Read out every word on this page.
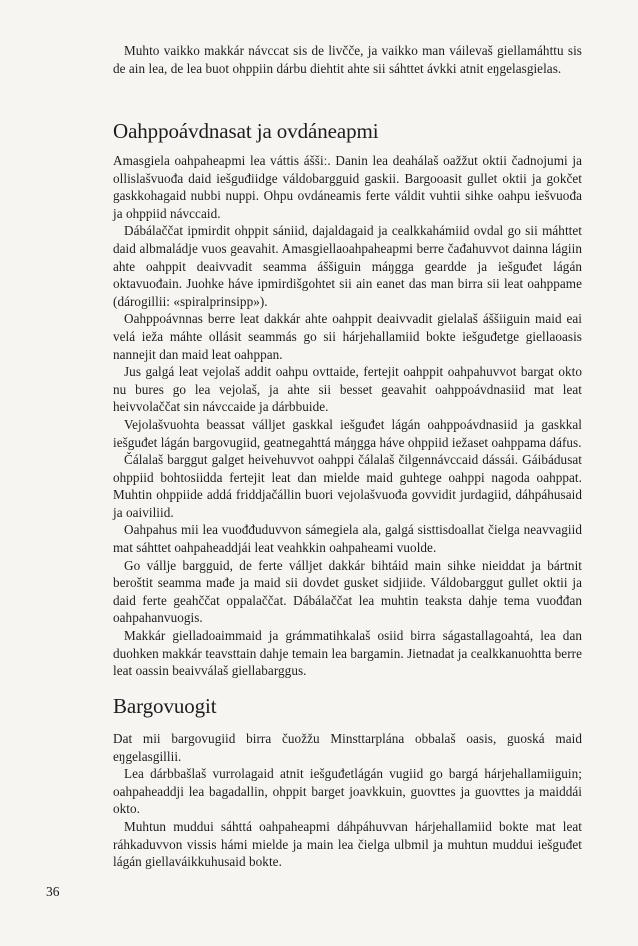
Muhto vaikko makkár návccat sis de livčče, ja vaikko man váilevaš giellamáhttu sis de ain lea, de lea buot ohppiin dárbu diehtit ahte sii sáhttet ávkki atnit eŋgelasgielas.

Oahppoávdnasat ja ovdáneapmi

Amasgiela oahpaheapmi lea váttis áššiː. Danin lea deahálaš oažžut oktii čadnojumi ja ollislašvuođa daid iešguđiidge váldobargguid gaskii. Bargooasit gullet oktii ja gokčet gaskkohagaid nubbi nuppi. Ohpu ovdáneamis ferte váldit vuhtii sihke oahpu iešvuođa ja ohppiid návccaid.

Dábálaččat ipmirdit ohppit sániid, dajaldagaid ja cealkkahámiid ovdal go sii máhttet daid albmaládje vuos geavahit. Amasgiellaoahpaheapmi berre čađahuvvot dainna lágiin ahte oahppit deaivvadit seamma áššiguin máŋgga geardde ja iešguđet lágán oktavuođain. Juohke háve ipmirdišgohtet sii ain eanet das man birra sii leat oahppame (dárogillii: «spiralprinsipp»).

Oahppoávnnas berre leat dakkár ahte oahppit deaivvadit gielalaš áššiiguin maid eai velá ieža máhte ollásit seammás go sii hárjehallamiid bokte iešguđetge giellaoasis nannejit dan maid leat oahppan.

Jus galgá leat vejolaš addit oahpu ovttaide, fertejit oahppit oahpahuvvot bargat okto nu bures go lea vejolaš, ja ahte sii besset geavahit oahppoávdnasiid mat leat heivvolaččat sin návccaide ja dárbbuide.

Vejolašvuohta beassat válljet gaskkal iešguđet lágán oahppoávdnasiid ja gaskkal iešguđet lágán bargovugiid, geatnegahttá máŋgga háve ohppiid iežaset oahppama dáfus.

Čálalaš barggut galget heivehuvvot oahppi čálalaš čilgennávccaid dássái. Gáibádusat ohppiid bohtosiidda fertejit leat dan mielde maid guhtege oahppi nagoda oahppat. Muhtin ohppiide addá friddjačállin buori vejolašvuođa govvidit jurdagiid, dáhpáhusaid ja oaiviliid.

Oahpahus mii lea vuođđuduvvon sámegiela ala, galgá sisttisdoallat čielga neavvagiid mat sáhttet oahpaheaddjái leat veahkkin oahpaheami vuolde.

Go vállje bargguid, de ferte válljet dakkár bihtáid main sihke nieiddat ja bártnit beroštit seamma mađe ja maid sii dovdet gusket sidjiide. Váldobarggut gullet oktii ja daid ferte geahččat oppalaččat. Dábálaččat lea muhtin teaksta dahje tema vuođđan oahpahanvuogis.

Makkár gielladoaimmaid ja grámmatihkalaš osiid birra ságastallagoahtá, lea dan duohken makkár teavsttain dahje temain lea bargamin. Jietnadat ja cealkkanuohtta berre leat oassin beaivválaš giellabarggus.

Bargovuogit

Dat mii bargovugiid birra čuožžu Minsttarplána obbalaš oasis, guoská maid eŋgelasgillii.

Lea dárbbašlaš vurrolagaid atnit iešguđetlágán vugiid go bargá hárjehallamiiguin; oahpaheaddji lea bagadallin, ohppit barget joavkkuin, guovttes ja guovttes ja maiddái okto.

Muhtun muddui sáhttá oahpaheapmi dáhpáhuvvan hárjehallamiid bokte mat leat ráhkaduvvon vissis hámi mielde ja main lea čielga ulbmil ja muhtun muddui iešguđet lágán giellaváikkuhusaid bokte.

36
